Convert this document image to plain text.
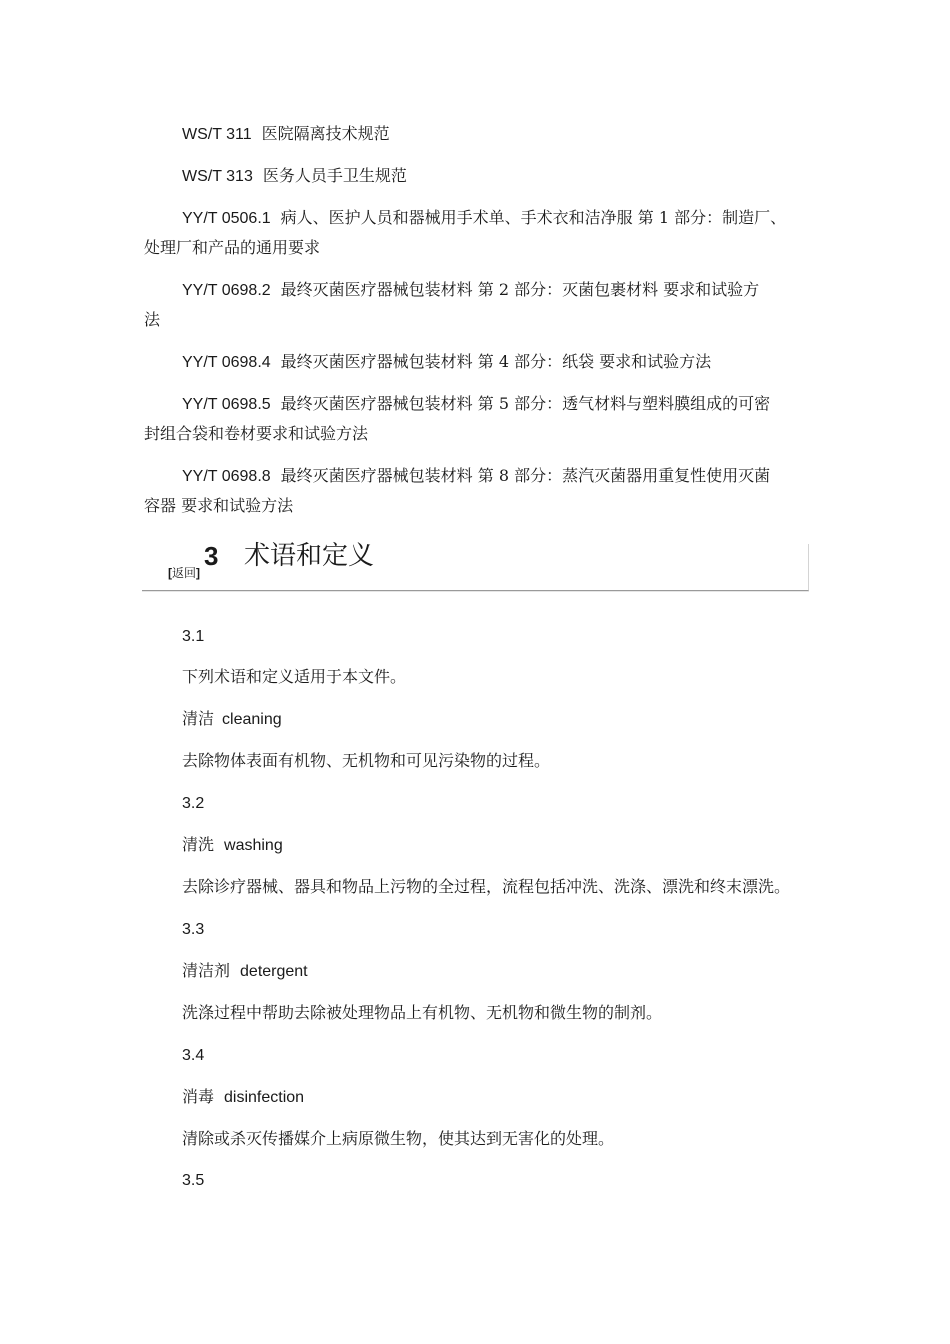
WS/T 311 医院隔离技术规范
WS/T 313 医务人员手卫生规范
YY/T 0506.1 病人、医护人员和器械用手术单、手术衣和洁净服 第 1 部分：制造厂、
处理厂和产品的通用要求
YY/T 0698.2 最终灭菌医疗器械包装材料 第 2 部分：灭菌包裹材料 要求和试验方
法
YY/T 0698.4 最终灭菌医疗器械包装材料 第 4 部分：纸袋 要求和试验方法
YY/T 0698.5 最终灭菌医疗器械包装材料 第 5 部分：透气材料与塑料膜组成的可密
封组合袋和卷材要求和试验方法
YY/T 0698.8 最终灭菌医疗器械包装材料 第 8 部分：蒸汽灭菌器用重复性使用灭菌
容器 要求和试验方法
[返回]
3 术语和定义
3.1
下列术语和定义适用于本文件。
清洁 cleaning
去除物体表面有机物、无机物和可见污染物的过程。
3.2
清洗 washing
去除诊疗器械、器具和物品上污物的全过程，流程包括冲洗、洗涤、漂洗和终末漂洗。
3.3
清洁剂 detergent
洗涤过程中帮助去除被处理物品上有机物、无机物和微生物的制剂。
3.4
消毒 disinfection
清除或杀灭传播媒介上病原微生物，使其达到无害化的处理。
3.5
